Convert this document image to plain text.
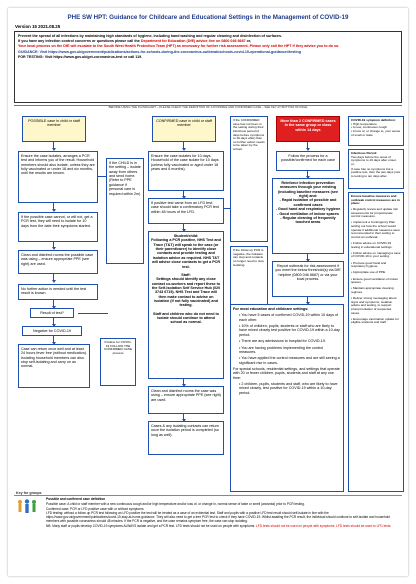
PHE SW HPT: Guidance for Childcare and Educational Settings in the Management of COVID-19
Version 15 2021.08.25

Prevent the spread of all infections by maintaining high standards of hygiene, including hand washing and regular cleaning and disinfection of surfaces.

If you have any infection control concerns or questions please call the Department for Education (DfE) advice line on 0800 046 8687 or,

Your local process on the DfE will escalate to the South West Health Protection Team (HPT) as necessary for further risk assessment. Please only call the HPT if they advise you to do so.

GUIDANCE: Visit https://www.gov.uk/government/publications/actions-for-schools-during-the-coronavirus-outbreak/schools-covid-19-operational-guidance#testing

FOR TESTING: Visit https://www.gov.uk/get-coronavirus-test or call 119.

BEFORE USING THE FLOWCHART – PLEASE CHECK THE DEFINITION OF A POSSIBLE AND CONFIRMED CASE – SEE KEY AT BOTTOM OF PAGE
POSSIBLE case in child or staff member
Ensure the case isolates, arranges a PCR test and informs you of the result. Household members should also isolate, unless they are fully vaccinated or under 18 and six months, until the results are known.
If the possible case cannot, or will not, get a PCR test, they will need to isolate for 10 days from the date their symptoms started.
Clean and disinfect rooms the possible case was using – ensure appropriate PPE (see right) are used.
No further action is needed until the test result is known.
Result of test?
Negative for COVID-19
Case can return once well and at least 24 hours fever free (without medication). Isolating household members can also stop self-isolating and carry on as normal.
Positive for COVID-19 FOLLOW THE CONFIRMED CASE process
If the CHILD is in the setting – isolate away from others and send home. (Refer to PPE guidance if personal care is required within 2m)
CONFIRMED case in child or staff member
Ensure the case isolates for 10 days. Household of the case isolate for 10 days (unless fully vaccinated or aged under 18 years and 6 months).
If positive test came from an LFD test, case should take a confirmatory PCR test within 48 hours of the LFD.
Student/child:
Following a PCR positive, NHS Test and Trace (T&T) will speak to the case (or their parent/carer) to identify close contacts and provide testing and isolation advice as required. NHS T&T will advise close contacts to get a PCR test.
Staff:
Settings should identify any close contact co-workers and report these to the Self-Isolation Self Service Hub (020 3743 6715). NHS Test and Trace will then make contact to advise on isolation (if not fully vaccinated) and testing.
Staff and children who do not need to isolate should continue to attend school as normal.
Clean and disinfect rooms the case was using – ensure appropriate PPE (see right) are used.
Cases & any isolating contacts can return once the isolation period is completed (so long as well).
If the CONFIRMED case has not been in the setting during their infectious period (2 days before symptoms to 10 days after) then no further action needs to be taken by the school.
If the follow up PCR is negative, the isolation can stop and contacts no longer need to stop isolating.
More than 2 CONFIRMED cases in the same group or class within 14 days
Follow the process for a possible/confirmed for each case
Reinforce infection prevention measures through your existing (including baseline measures (see right) and:
- Rapid isolation of possible and confirmed cases
- Good hand and respiratory hygiene
- Good ventilation of indoor spaces
- Regular cleaning of frequently touched areas
Report outbreak for risk assessment if you meet the below threshold(s) via DfE helpline (0800 046 8687) or via your local process.
For most education and childcare settings:
• You have 5 cases of confirmed COVID-19 within 10 days of each other.
• 10% of children, pupils, students or staff who are likely to have mixed closely test positive for COVID-19 within a 10-day period.
• There are any admissions to hospital for COVID-19.
• You are having problems implementing the control measures.
• You have applied the control measures and are still seeing a significant rise in cases.
For special schools, residential settings, and settings that operate with 20 or fewer children, pupils, students and staff at any one time:
• 2 children, pupils, students and staff, who are likely to have mixed closely, test positive for COVID-19 within a 10-day period.
COVID-19 symptom definition:
• High temperature
• A new, continuous cough
• A loss of, or change to, your sense of smell or taste
Infectious Period:
Two days before the onset of symptoms to 10 days after onset, or;
If case has no symptoms but a positive test, then the two days prior to testing to ten days after.
Ensure baseline measures and outbreak control measures are in place:
• Regularly review and update risk assessments for proportionate control measures.
• Implement a Contingency Plan setting out how the school would operate if additional measures were recommended in their setting to control an outbreak.
• Follow advice on COVID-19 testing in educational settings.
• Follow advice on managing a case of COVID-19 in your setting.
• Promote good hand and respiratory hygiene.
• Appropriate use of PPE.
• Ensure good ventilation of indoor spaces.
• Maintain appropriate cleaning regimes.
• Deliver strong messaging about signs and symptoms, isolation advice and testing, to support prompt isolation of suspected cases.
• Encourage vaccination uptake for eligible students and staff.
Key for groups

Possible and confirmed case definition

Possible case: A child or staff member with a new continuous cough and/or high temperature and/or loss of, or change in, normal sense of taste or smell (anosmia) prior to PCR testing.

Confirmed case: PCR or LFD positive case with or without symptoms.

LFD testing: without a follow up PCR test following an LFD positive the test will be treated as a case of an evidential test. Staff and pupils with a positive LFD test result should self-isolate in line with the https://www.gov.uk/government/publications/covid-19-stay-at-home-guidance. They will also need to get a free PCR test to check if they have COVID-19. Whilst awaiting the PCR result, the individual should continue to self-isolate and household members with possible coronavirus should 48 minutes. If the PCR is negative, and the case remains symptom free, the case can stop isolating.

NB: Many staff or pupils develop COVID-19 symptoms ALWAYS isolate and get a PCR test. LFD tests should not be used on people with symptoms. LFD tests should not be used on people with symptoms. LFD tests should be used to LFD tests.
